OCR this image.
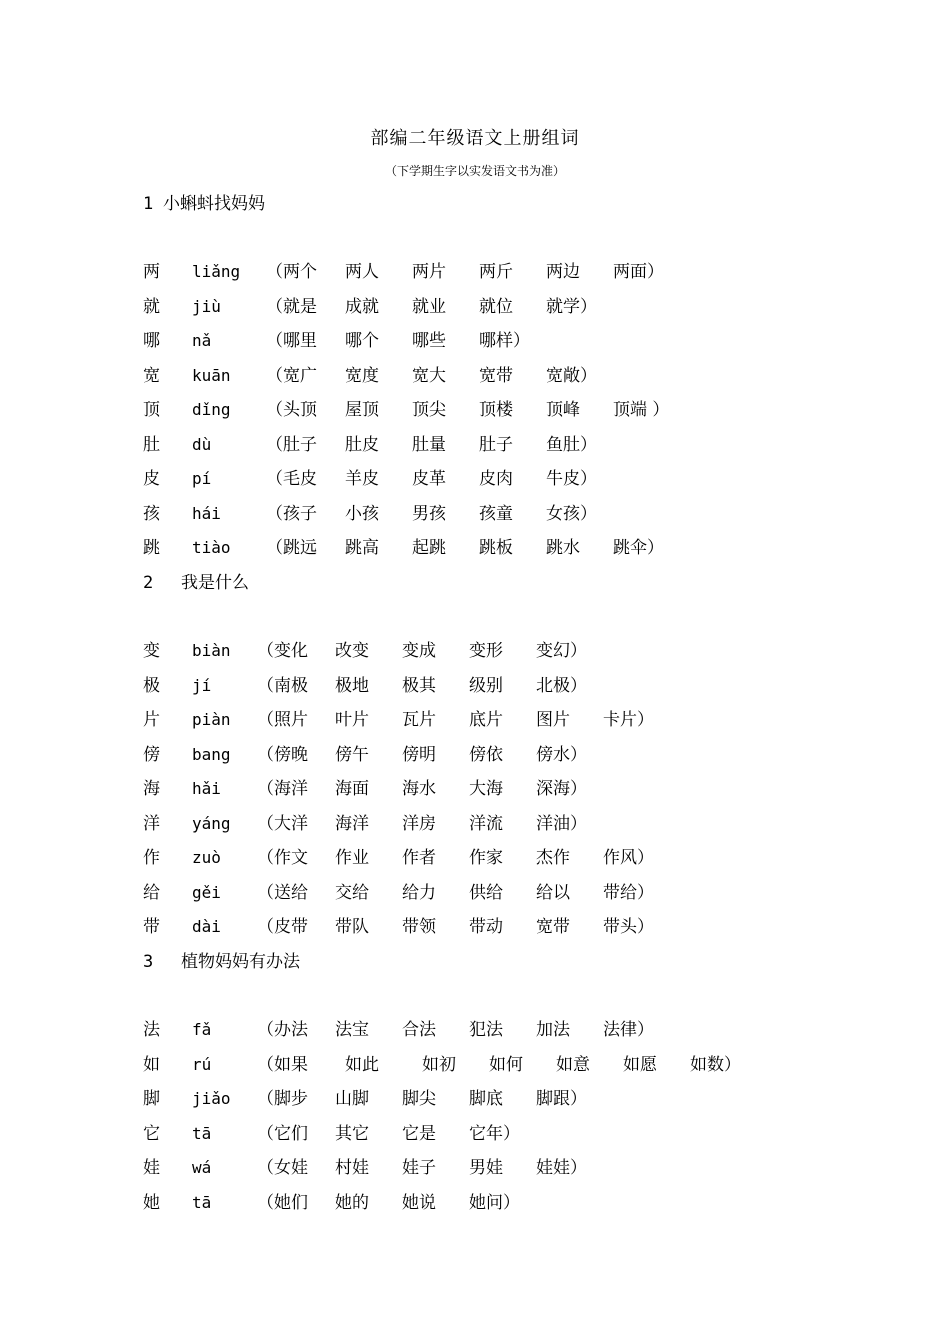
部编二年级语文上册组词
（下学期生字以实发语文书为准）
1 小蝌蚪找妈妈
两 liǎng （两个 两人 两片 两斤 两边 两面）
就 jiù	（就是 成就 就业 就位 就学）
哪 nǎ	（哪里 哪个 哪些 哪样）
宽 kuān （宽广 宽度 宽大 宽带 宽敞）
顶 dǐng （头顶 屋顶 顶尖 顶楼 顶峰 顶端 ）
肚 dù	（肚子 肚皮 肚量 肚子 鱼肚）
皮 pí	（毛皮 羊皮 皮革 皮肉 牛皮）
孩 hái	（孩子 小孩 男孩 孩童 女孩）
跳 tiào （跳远 跳高 起跳 跳板 跳水 跳伞）
2 我是什么
变 biàn （变化 改变 变成 变形 变幻）
极 jí	（南极 极地 极其 级别 北极）
片 piàn （照片 叶片 瓦片 底片 图片 卡片）
傍 bang （傍晚 傍午 傍明 傍依 傍水）
海 hǎi （海洋 海面 海水 大海 深海）
洋 yáng （大洋 海洋 洋房 洋流 洋油）
作 zuò （作文 作业 作者 作家 杰作 作风）
给 gěi （送给 交给 给力 供给 给以 带给）
带 dài （皮带 带队 带领 带动 宽带 带头）
3 植物妈妈有办法
法 fǎ	（办法 法宝 合法 犯法 加法 法律）
如 rú	（如果 如此	如初 如何 如意 如愿 如数）
脚 jiǎo （脚步 山脚 脚尖 脚底 脚跟）
它 tā	（它们 其它 它是 它年）
娃 wá	（女娃 村娃 娃子 男娃 娃娃）
她 tā	（她们 她的 她说 她问）
